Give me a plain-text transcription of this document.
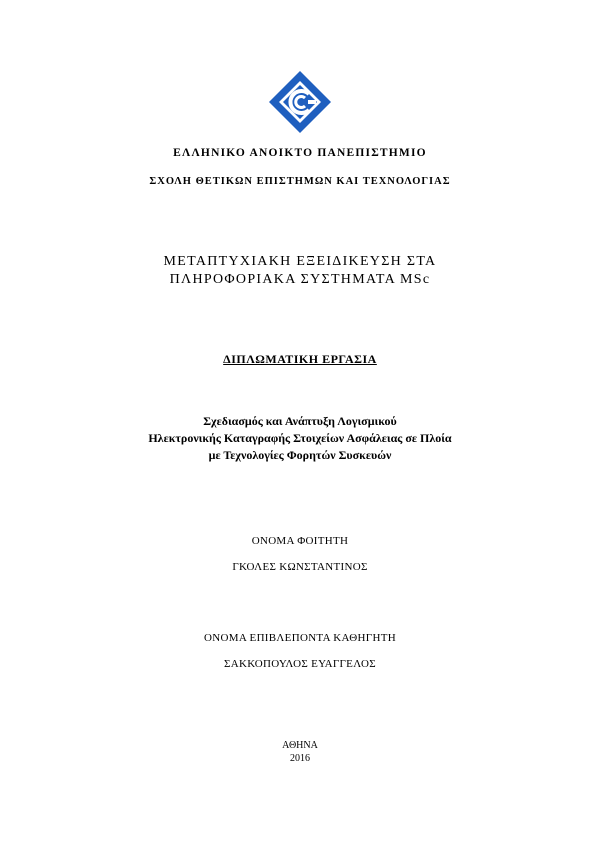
ΕΛΛΗΝΙΚΟ ΑΝΟΙΚΤΟ ΠΑΝΕΠΙΣΤΗΜΙΟ
ΣΧΟΛΗ ΘΕΤΙΚΩΝ ΕΠΙΣΤΗΜΩΝ ΚΑΙ ΤΕΧΝΟΛΟΓΙΑΣ
ΜΕΤΑΠΤΥΧΙΑΚΗ ΕΞΕΙΔΙΚΕΥΣΗ ΣΤΑ
ΠΛΗΡΟΦΟΡΙΑΚΑ ΣΥΣΤΗΜΑΤΑ MSc
ΔΙΠΛΩΜΑΤΙΚΗ ΕΡΓΑΣΙΑ
Σχεδιασμός και Ανάπτυξη Λογισμικού
Ηλεκτρονικής Καταγραφής Στοιχείων Ασφάλειας σε Πλοία
με Τεχνολογίες Φορητών Συσκευών
ΟΝΟΜΑ ΦΟΙΤΗΤΗ
ΓΚΟΛΕΣ ΚΩΝΣΤΑΝΤΙΝΟΣ
ΟΝΟΜΑ ΕΠΙΒΛΕΠΟΝΤΑ ΚΑΘΗΓΗΤΗ
ΣΑΚΚΟΠΟΥΛΟΣ ΕΥΑΓΓΕΛΟΣ
ΑΘΗΝΑ
2016
